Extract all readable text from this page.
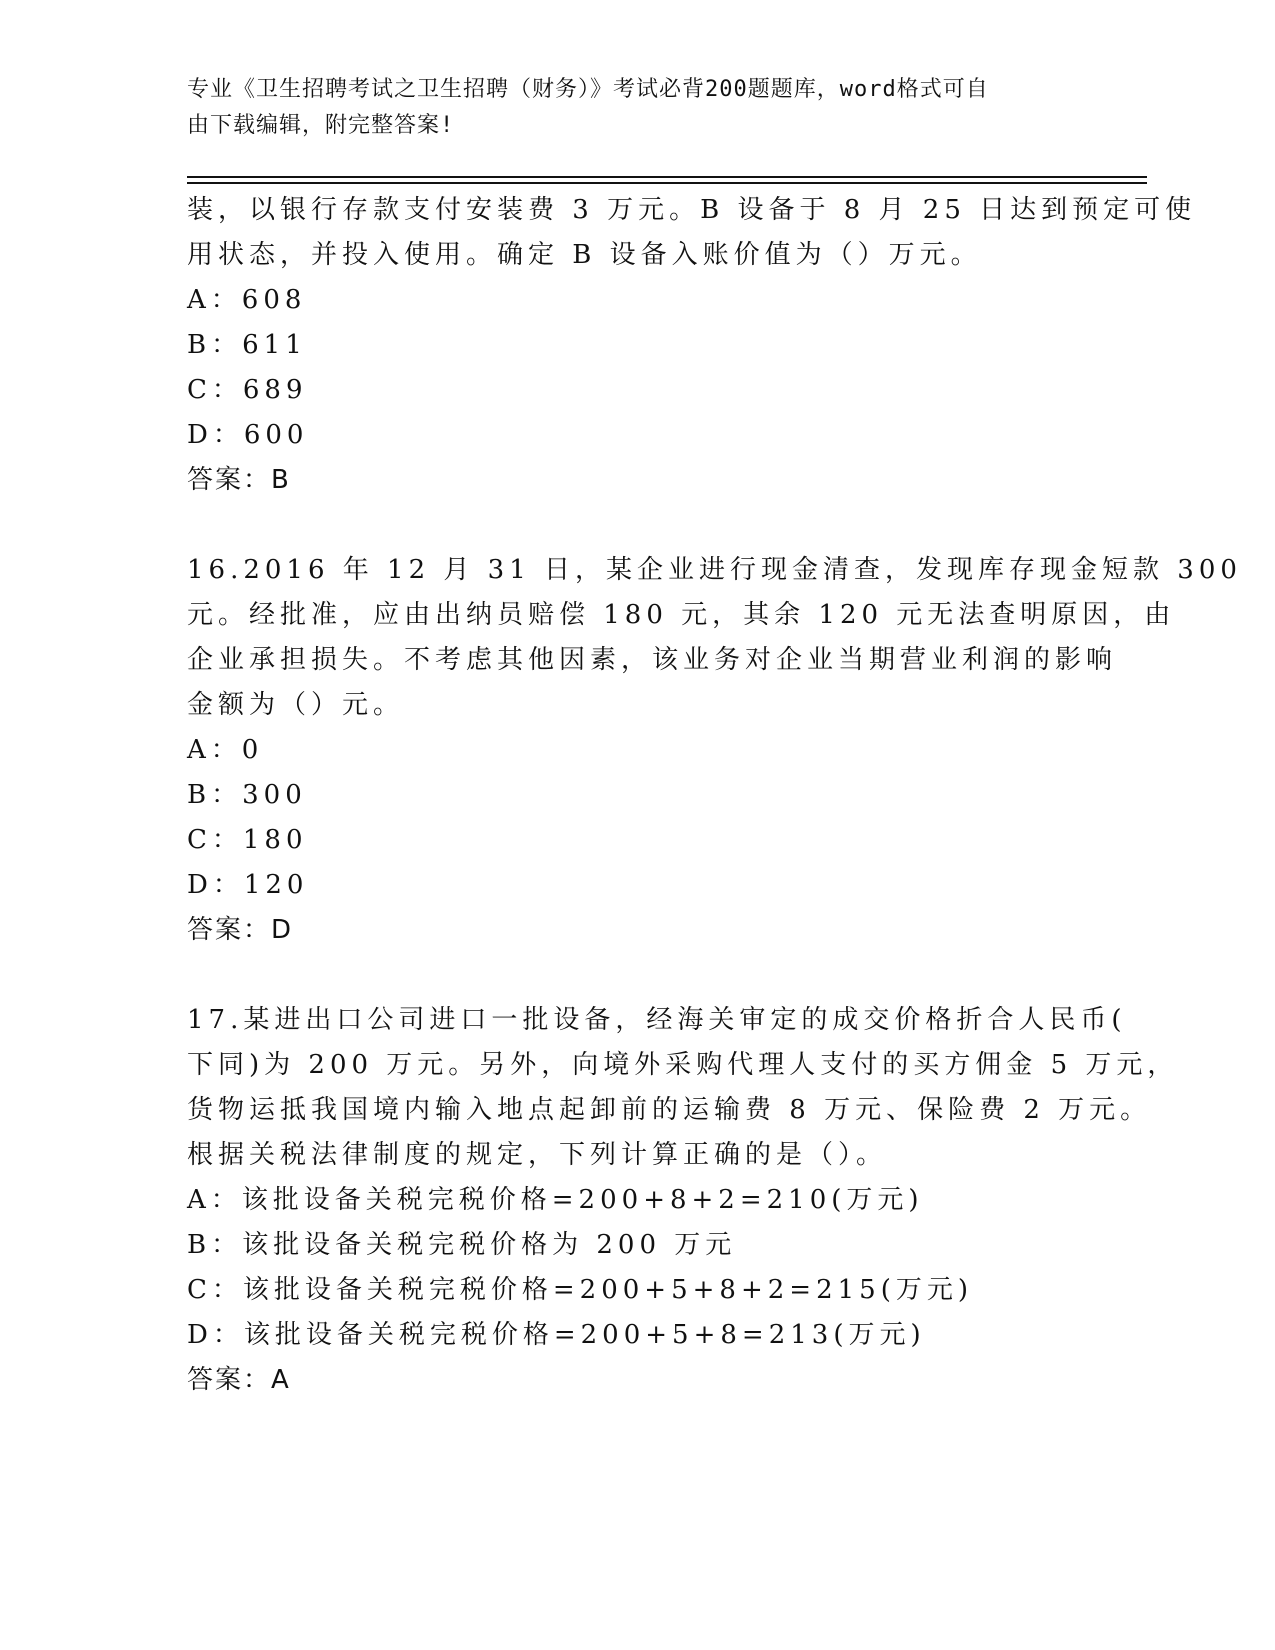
专业《卫生招聘考试之卫生招聘（财务）》考试必背200题题库，word格式可自
由下载编辑，附完整答案!
装，以银行存款支付安装费 3 万元。B 设备于 8 月 25 日达到预定可使
用状态，并投入使用。确定 B 设备入账价值为（）万元。
A：608
B：611
C：689
D：600
答案：B
16.2016 年 12 月 31 日，某企业进行现金清查，发现库存现金短款 300
元。经批准，应由出纳员赔偿 180 元，其余 120 元无法查明原因，由
企业承担损失。不考虑其他因素，该业务对企业当期营业利润的影响
金额为（）元。
A：0
B：300
C：180
D：120
答案：D
17.某进出口公司进口一批设备，经海关审定的成交价格折合人民币(
下同)为 200 万元。另外，向境外采购代理人支付的买方佣金 5 万元，
货物运抵我国境内输入地点起卸前的运输费 8 万元、保险费 2 万元。
根据关税法律制度的规定，下列计算正确的是（）。
A：该批设备关税完税价格=200+8+2=210(万元)
B：该批设备关税完税价格为 200 万元
C：该批设备关税完税价格=200+5+8+2=215(万元)
D：该批设备关税完税价格=200+5+8=213(万元)
答案：A
